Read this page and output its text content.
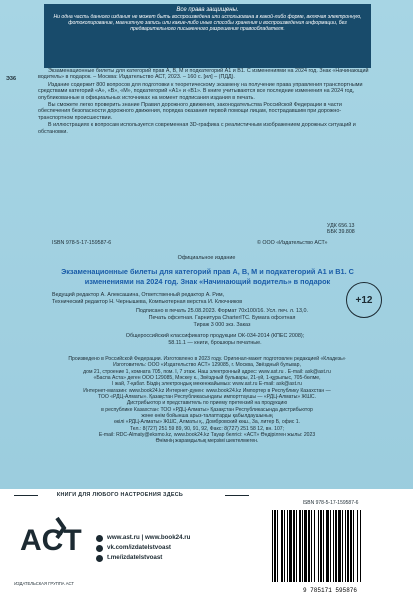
Все права защищены.
Ни одна часть данного издания не может быть воспроизведена или использована в какой-либо форме, включая электронную, фотокопирование, магнитную запись или какие-либо иные способы хранения и воспроизведения информации, без предварительного письменного разрешения правообладателя.
Э36

Экзаменационные билеты для категорий прав A, B, M и подкатегорий A1 и B1. С изменениями на 2024 год. Знак «Начинающий водитель» в подарок. – Москва: Издательство АСТ, 2023. – 160 с. [ил] – (ПДД).

Издание содержит 800 вопросов для подготовки к теоретическому экзамену на получение права управления транспортными средствами категорий «A», «B», «M», подкатегорий «A1» и «B1». В книге учитываются все последние изменения на 2024 год, опубликованные в официальных источниках на момент подписания издания в печать.

Вы сможете легко проверить знание Правил дорожного движения, законодательства Российской Федерации в части обеспечения безопасности дорожного движения, порядка оказания первой помощи лицам, пострадавшим при дорожно-транспортном происшествии.

В иллюстрациях к вопросам используется современная 3D-графика с реалистичным изображением дорожных ситуаций и обстановки.

УДК 656.13
ББК 39.808
ISBN 978-5-17-159587-6	© ООО «Издательство АСТ»
Официальное издание
Экзаменационные билеты для категорий прав А, В, М и подкатегорий А1 и В1. С изменениями на 2024 год. Знак «Начинающий водитель» в подарок
Ведущий редактор А. Алексашина, Ответственный редактор А. Рим,
Технический редактор Н. Чернышева, Компьютерная верстка И. Ключников
Подписано в печать 25.08.2023. Формат 70x100/16. Усл. печ. л. 13,0.
Печать офсетная. Гарнитура CharterITC. Бумага офсетная
Тираж 3 000 экз. Заказ
+12
Общероссийский классификатор продукции ОК-034-2014 (КПЕС 2008);
58.11.1 — книги, брошюры печатные.
Произведено в Российской Федерации. Изготовлено в 2023 году. Оригинал-макет подготовлен редакцией «Кладезь»
Изготовитель: ООО «Издательство АСТ» 129085, г. Москва, Звёздный бульвар,
дом 21, строение 1, комната 705, пом. I, 7 этаж. Наш электронный адрес: www.ast.ru . E-mail: ask@ast.ru
«Баспа Аста» деген ООО 129085, Мәскеу к., Звёздный бульвары, 21-үй, 1-құрылыс, 705-бөлме,
I жай, 7-қабат. Біздің электрондық мекенжайымыз: www.ast.ru E-mail: ask@ast.ru
Интернет-магазин: www.book24.kz Интернет-дүкен: www.book24.kz Импортер в Республику Казахстан —
ТОО «РДЦ-Алматы». Қазақстан Республикасындағы импорттаушы — «РДЦ-Алматы» ЖШС.
Дистрибьютор и представитель по приему претензий на продукцию
в республике Казахстан: ТОО «РДЦ-Алматы» Қазақстан Республикасында дистрибьютор
және өнім бойынша арыз-талаптарды қабылдаушының
өкілі «РДЦ-Алматы» ЖШС, Алматы қ., Домбровский көш., 3а, литер Б, офис 1.
Тел.: 8(727) 251 59 89, 90, 91, 92, Факс: 8(727) 251 58 12, вн. 107;
E-mail: RDC-Almaty@eksmo.kz, www.book24.kz Тауар белгісі: «АСТ» Өндірілген жылы: 2023
Өнімнің жарамдылық мерзімі шектелмеген.
КНИГИ ДЛЯ ЛЮБОГО НАСТРОЕНИЯ ЗДЕСЬ
ACT
ИЗДАТЕЛЬСКАЯ ГРУППА АСТ
www.ast.ru | www.book24.ru
vk.com/izdatelstvoast
t.me/izdatelstvoast
ISBN 978-5-17-159587-6
9 785171 595876
